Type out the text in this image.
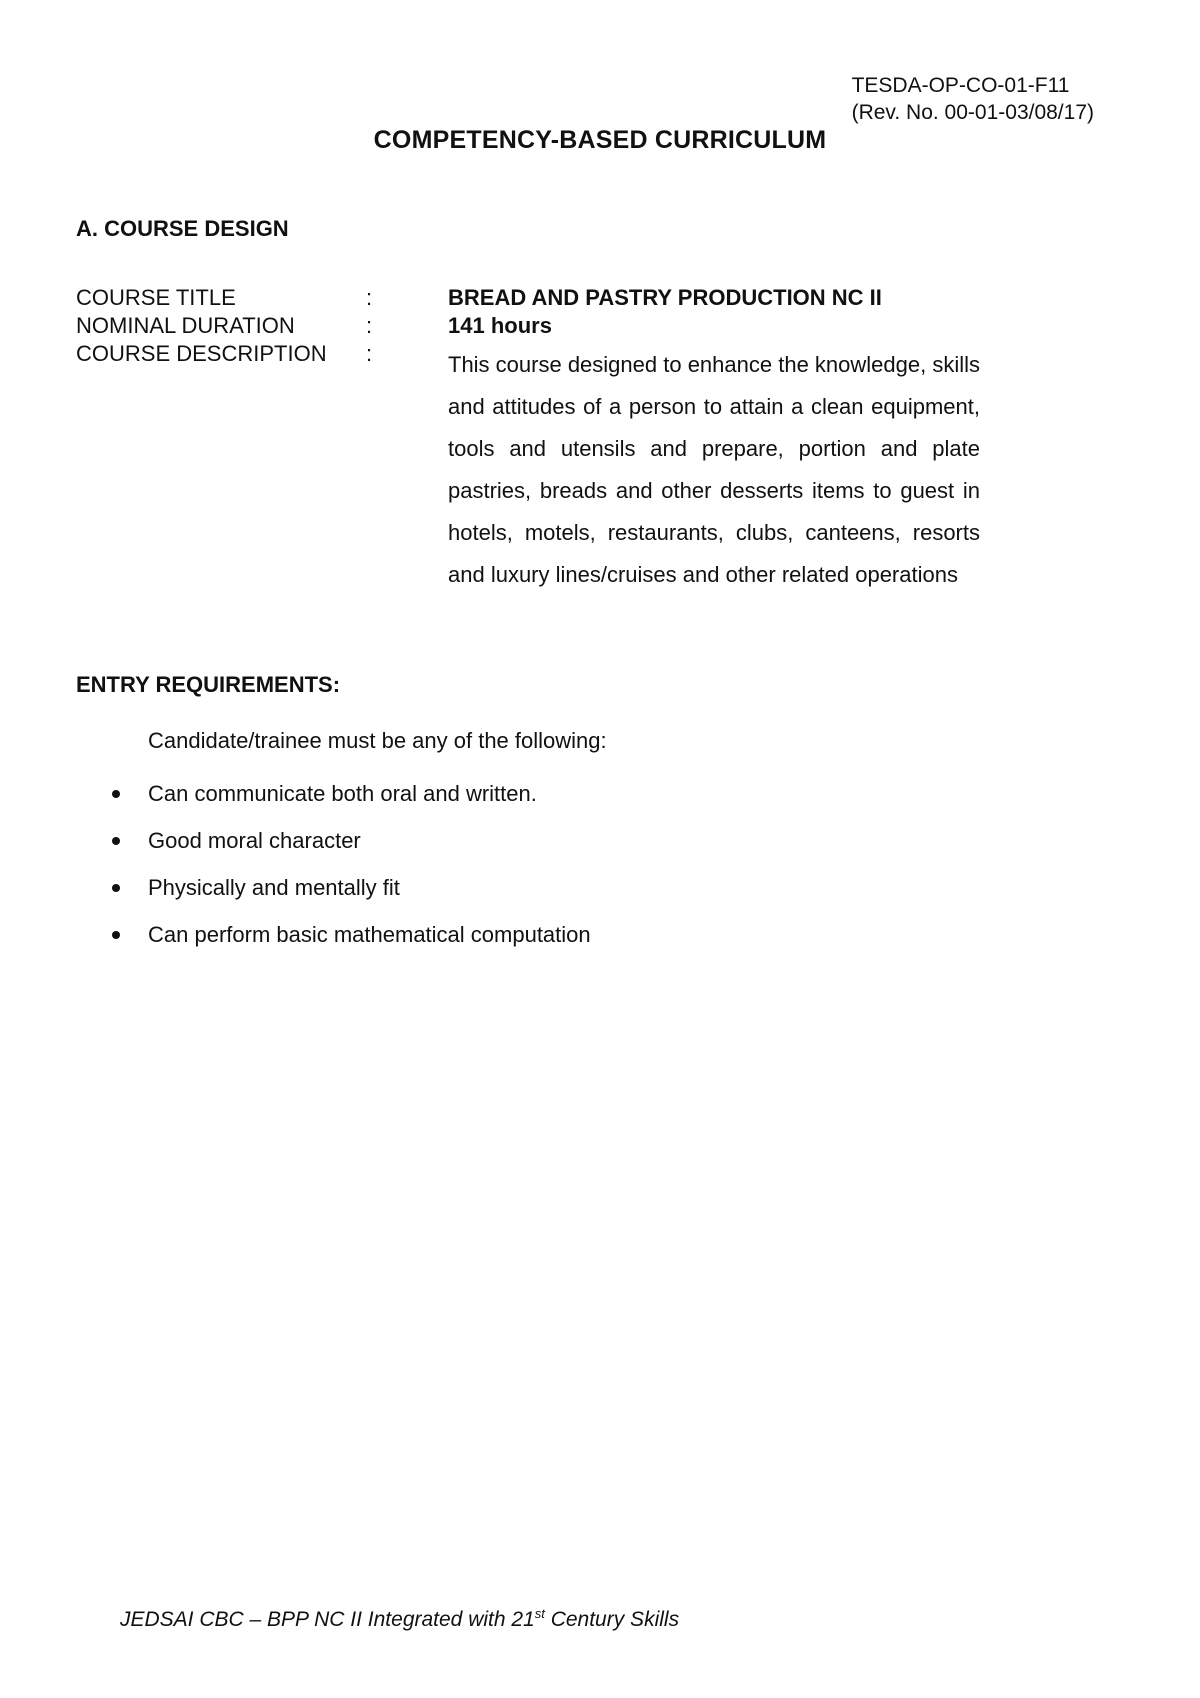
TESDA-OP-CO-01-F11
(Rev. No. 00-01-03/08/17)
COMPETENCY-BASED CURRICULUM
A. COURSE DESIGN
COURSE TITLE	:	BREAD AND PASTRY PRODUCTION NC II
NOMINAL DURATION	:	141 hours
COURSE DESCRIPTION	:	This course designed to enhance the knowledge, skills and attitudes of a person to attain a clean equipment, tools and utensils and prepare, portion and plate pastries, breads and other desserts items to guest in hotels, motels, restaurants, clubs, canteens, resorts and luxury lines/cruises and other related operations
ENTRY REQUIREMENTS:
Candidate/trainee must be any of the following:
Can communicate both oral and written.
Good moral character
Physically and mentally fit
Can perform basic mathematical computation
JEDSAI CBC – BPP NC II Integrated with 21st Century Skills
